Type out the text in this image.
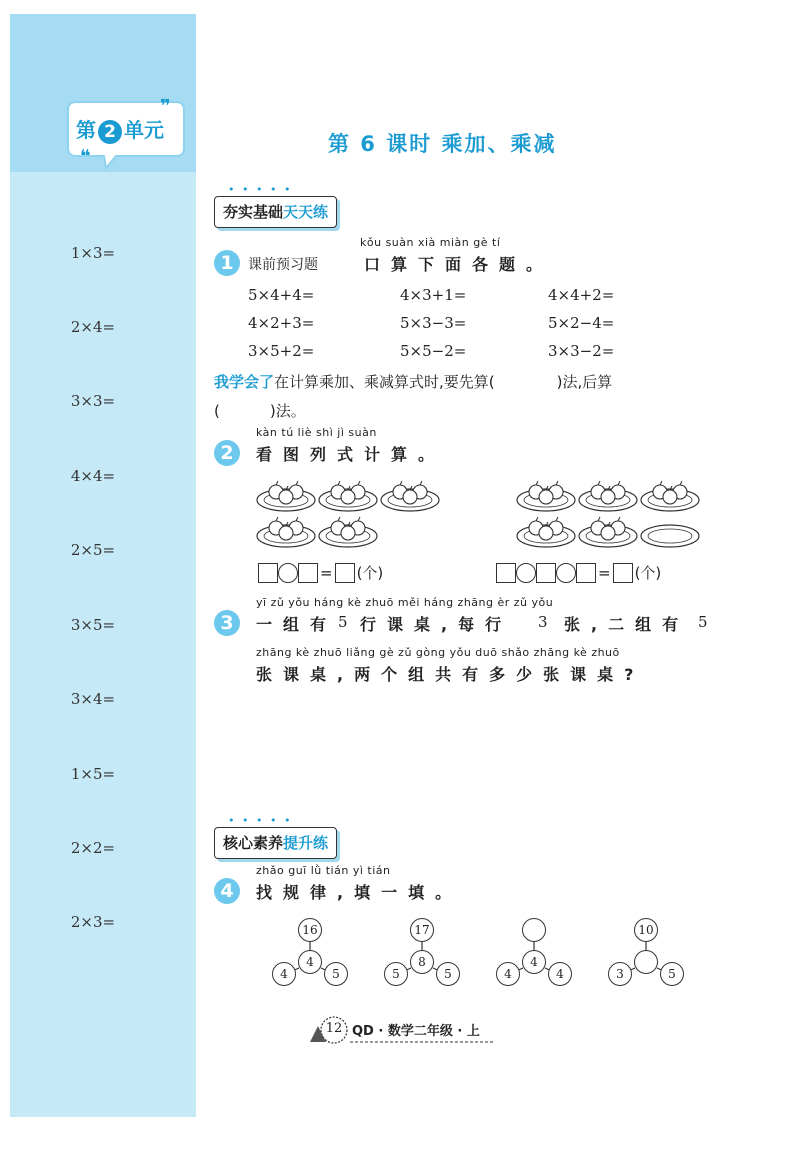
第 2 单元
❞
❝
1×3=
2×4=
3×3=
4×4=
2×5=
3×5=
3×4=
1×5=
2×2=
2×3=
第 6 课时 乘加、乘减
• • • • •
夯实基础天天练
1
kǒu suàn xià miàn gè tí
课前预习题	口算下面各题。
5×4+4=	4×3+1=	4×4+2=
4×2+3=	5×3−3=	5×2−4=
3×5+2=	5×5−2=	3×3−2=
我学会了在计算乘加、乘减算式时,要先算(	)法,后算
(	)法。
2
kàn tú liè shì jì suàn
看图列式计算。
= (个)	= (个)
3
yī zǔ yǒu háng kè zhuō měi háng zhāng èr zǔ yǒu
一组有 5 行课桌,每行 3 张,二组有 5
zhāng kè zhuō liǎng gè zǔ gòng yǒu duō shǎo zhāng kè zhuō
张课桌,两个组共有多少张课桌?
• • • • •
核心素养提升练
4
zhǎo guī lǜ tián yì tián
找规律,填一填。
16
4
4	5
17
8
5	5
4
4	4
10
3	5
12 QD · 数学二年级 · 上
